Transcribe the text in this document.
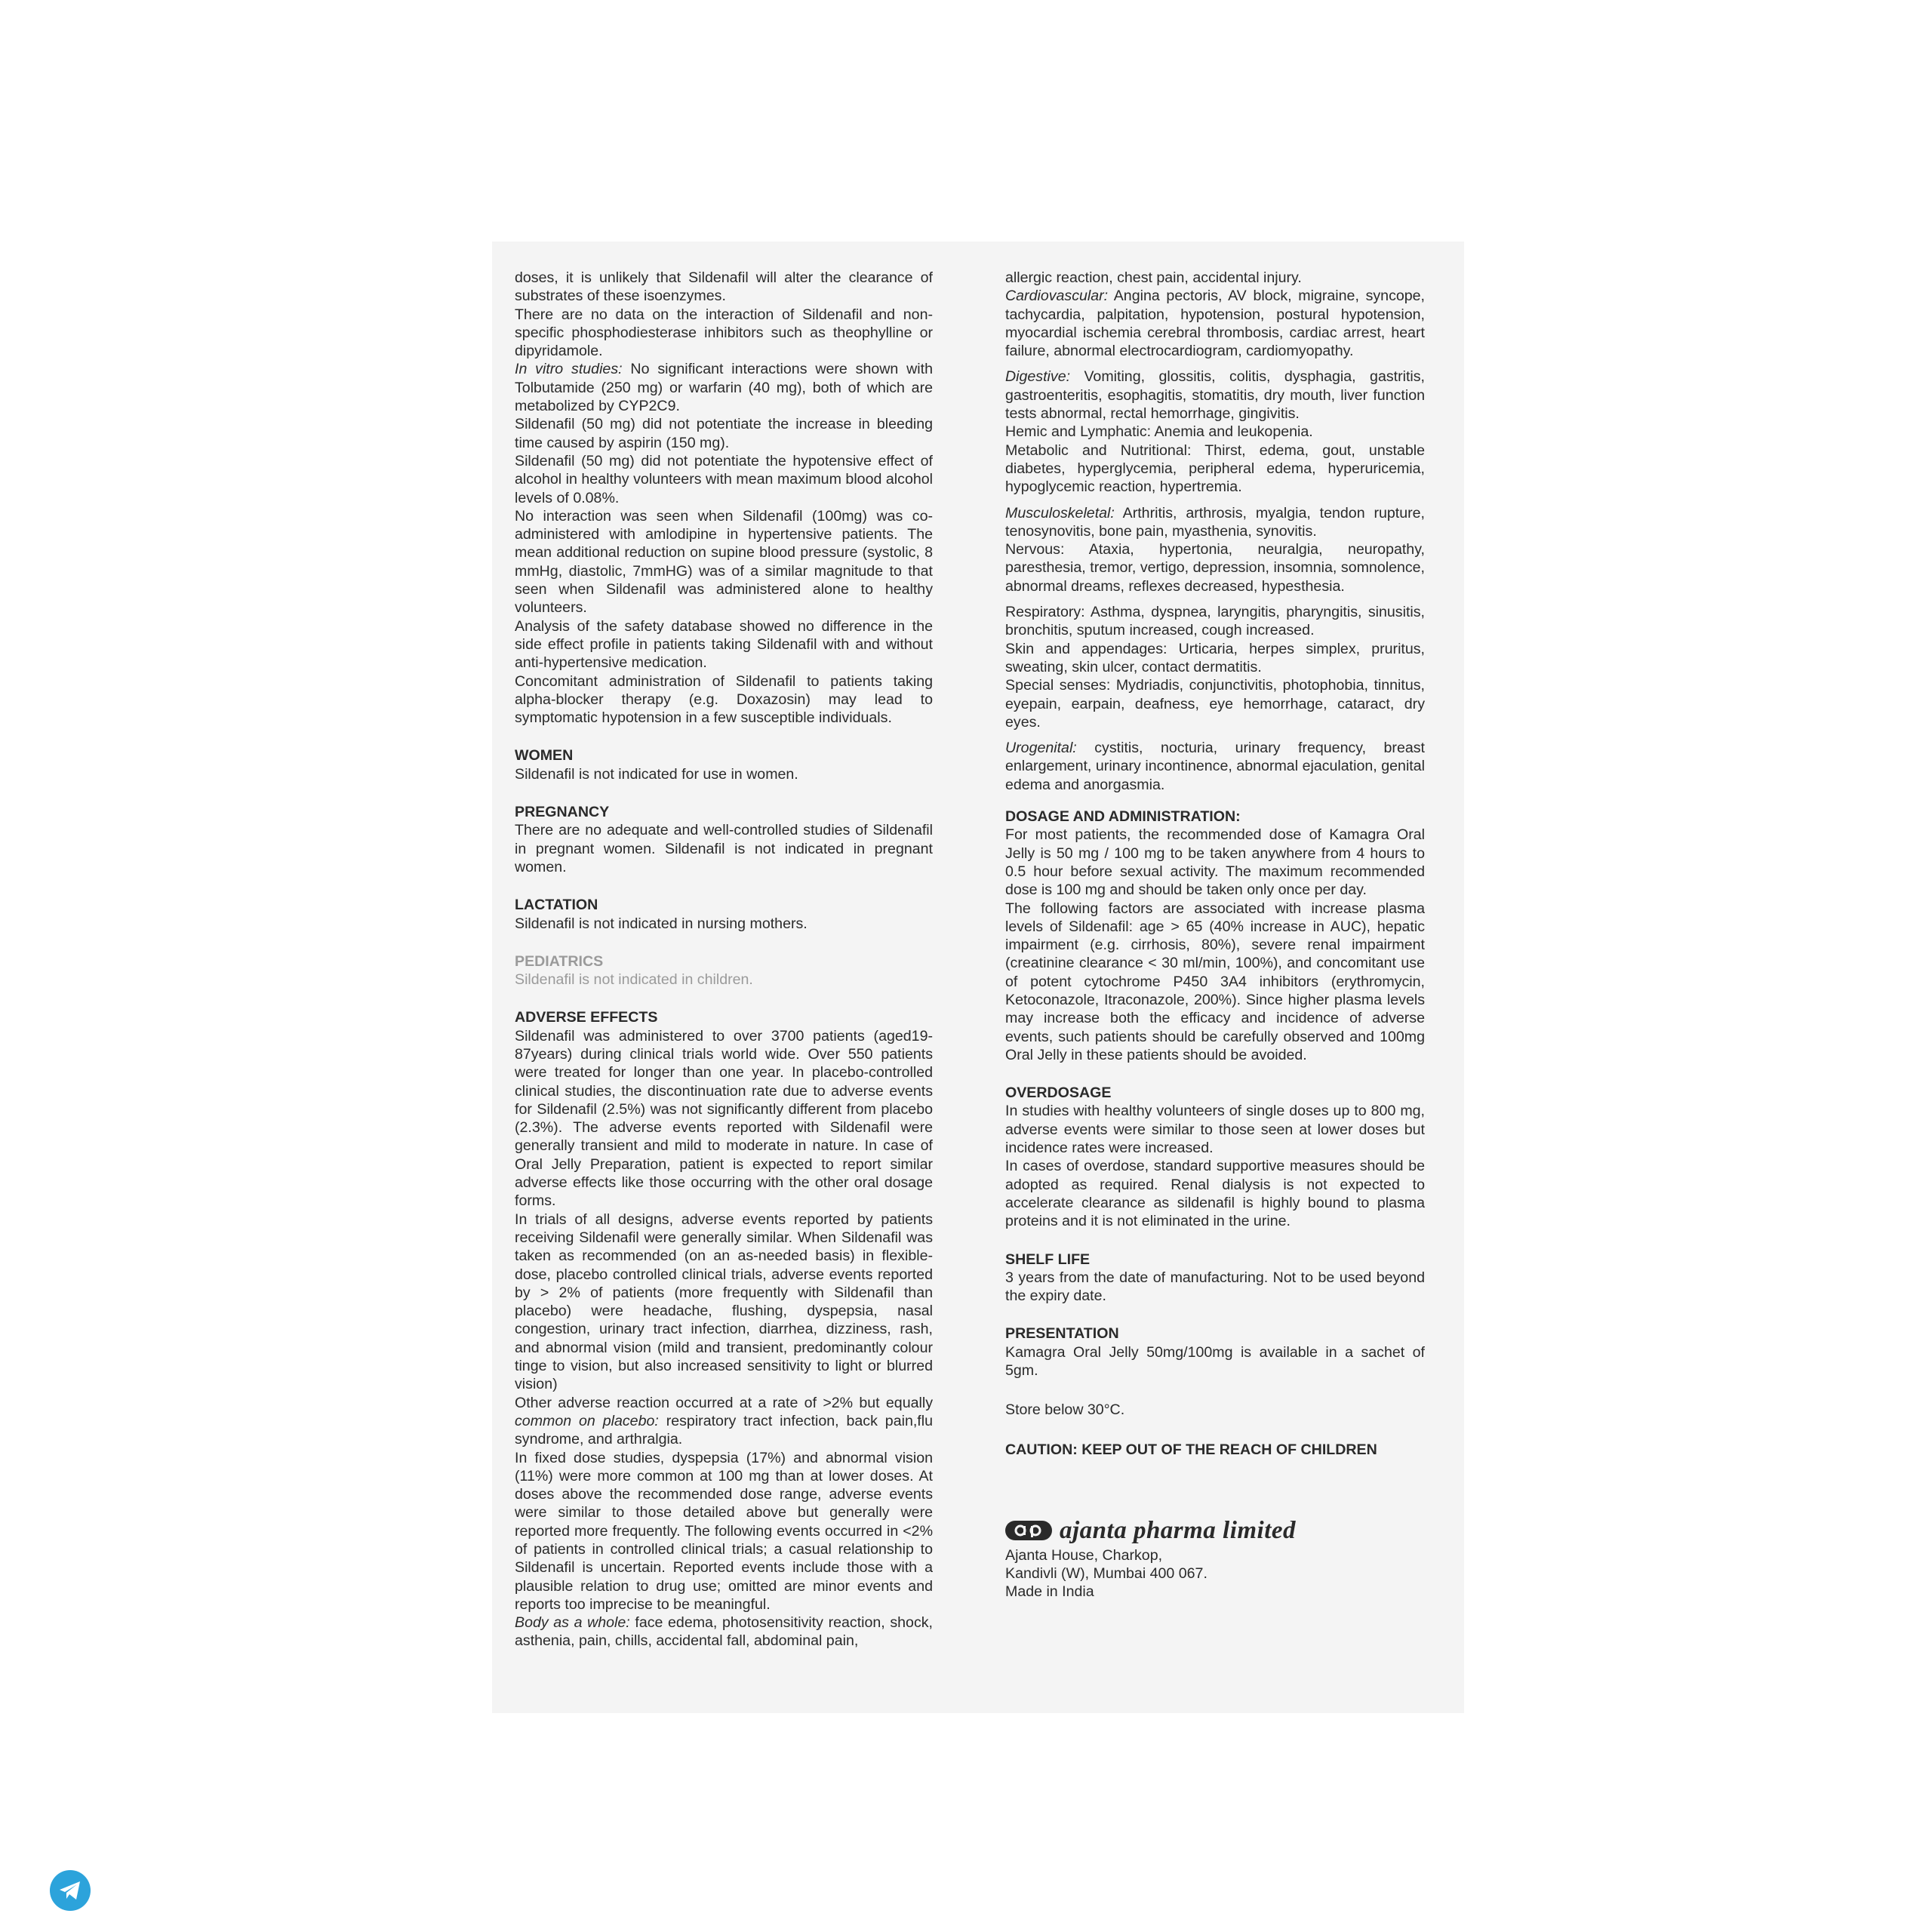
doses, it is unlikely that Sildenafil will alter the clearance of substrates of these isoenzymes.

There are no data on the interaction of Sildenafil and non-specific phosphodiesterase inhibitors such as theophylline or dipyridamole.

In vitro studies: No significant interactions were shown with Tolbutamide (250 mg) or warfarin (40 mg), both of which are metabolized by CYP2C9.

Sildenafil (50 mg) did not potentiate the increase in bleeding time caused by aspirin (150 mg).

Sildenafil (50 mg) did not potentiate the hypotensive effect of alcohol in healthy volunteers with mean maximum blood alcohol levels of 0.08%.

No interaction was seen when Sildenafil (100mg) was co-administered with amlodipine in hypertensive patients. The mean additional reduction on supine blood pressure (systolic, 8 mmHg, diastolic, 7mmHG) was of a similar magnitude to that seen when Sildenafil was administered alone to healthy volunteers.

Analysis of the safety database showed no difference in the side effect profile in patients taking Sildenafil with and without anti-hypertensive medication.

Concomitant administration of Sildenafil to patients taking alpha-blocker therapy (e.g. Doxazosin) may lead to symptomatic hypotension in a few susceptible individuals.

WOMEN

Sildenafil is not indicated for use in women.

PREGNANCY

There are no adequate and well-controlled studies of Sildenafil in pregnant women. Sildenafil is not indicated in pregnant women.

LACTATION

Sildenafil is not indicated in nursing mothers.

PEDIATRICS

Sildenafil is not indicated in children.

ADVERSE EFFECTS

Sildenafil was administered to over 3700 patients (aged19-87years) during clinical trials world wide. Over 550 patients were treated for longer than one year. In placebo-controlled clinical studies, the discontinuation rate due to adverse events for Sildenafil (2.5%) was not significantly different from placebo (2.3%). The adverse events reported with Sildenafil were generally transient and mild to moderate in nature. In case of Oral Jelly Preparation, patient is expected to report similar adverse effects like those occurring with the other oral dosage forms.

In trials of all designs, adverse events reported by patients receiving Sildenafil were generally similar. When Sildenafil was taken as recommended (on an as-needed basis) in flexible-dose, placebo controlled clinical trials, adverse events reported by > 2% of patients (more frequently with Sildenafil than placebo) were headache, flushing, dyspepsia, nasal congestion, urinary tract infection, diarrhea, dizziness, rash, and abnormal vision (mild and transient, predominantly colour tinge to vision, but also increased sensitivity to light or blurred vision)

Other adverse reaction occurred at a rate of >2% but equally common on placebo: respiratory tract infection, back pain,flu syndrome, and arthralgia.

In fixed dose studies, dyspepsia (17%) and abnormal vision (11%) were more common at 100 mg than at lower doses. At doses above the recommended dose range, adverse events were similar to those detailed above but generally were reported more frequently. The following events occurred in <2% of patients in controlled clinical trials; a casual relationship to Sildenafil is uncertain. Reported events include those with a plausible relation to drug use; omitted are minor events and reports too imprecise to be meaningful.

Body as a whole: face edema, photosensitivity reaction, shock, asthenia, pain, chills, accidental fall, abdominal pain,

allergic reaction, chest pain, accidental injury.

Cardiovascular: Angina pectoris, AV block, migraine, syncope, tachycardia, palpitation, hypotension, postural hypotension, myocardial ischemia cerebral thrombosis, cardiac arrest, heart failure, abnormal electrocardiogram, cardiomyopathy.

Digestive: Vomiting, glossitis, colitis, dysphagia, gastritis, gastroenteritis, esophagitis, stomatitis, dry mouth, liver function tests abnormal, rectal hemorrhage, gingivitis.

Hemic and Lymphatic: Anemia and leukopenia.

Metabolic and Nutritional: Thirst, edema, gout, unstable diabetes, hyperglycemia, peripheral edema, hyperuricemia, hypoglycemic reaction, hypertremia.

Musculoskeletal: Arthritis, arthrosis, myalgia, tendon rupture, tenosynovitis, bone pain, myasthenia, synovitis.

Nervous: Ataxia, hypertonia, neuralgia, neuropathy, paresthesia, tremor, vertigo, depression, insomnia, somnolence, abnormal dreams, reflexes decreased, hypesthesia.

Respiratory: Asthma, dyspnea, laryngitis, pharyngitis, sinusitis, bronchitis, sputum increased, cough increased.

Skin and appendages: Urticaria, herpes simplex, pruritus, sweating, skin ulcer, contact dermatitis.

Special senses: Mydriadis, conjunctivitis, photophobia, tinnitus, eyepain, earpain, deafness, eye hemorrhage, cataract, dry eyes.

Urogenital: cystitis, nocturia, urinary frequency, breast enlargement, urinary incontinence, abnormal ejaculation, genital edema and anorgasmia.

DOSAGE AND ADMINISTRATION:

For most patients, the recommended dose of Kamagra Oral Jelly is 50 mg / 100 mg to be taken anywhere from 4 hours to 0.5 hour before sexual activity. The maximum recommended dose is 100 mg and should be taken only once per day.

The following factors are associated with increase plasma levels of Sildenafil: age > 65 (40% increase in AUC), hepatic impairment (e.g. cirrhosis, 80%), severe renal impairment (creatinine clearance < 30 ml/min, 100%), and concomitant use of potent cytochrome P450 3A4 inhibitors (erythromycin, Ketoconazole, Itraconazole, 200%). Since higher plasma levels may increase both the efficacy and incidence of adverse events, such patients should be carefully observed and 100mg Oral Jelly in these patients should be avoided.

OVERDOSAGE

In studies with healthy volunteers of single doses up to 800 mg, adverse events were similar to those seen at lower doses but incidence rates were increased.

In cases of overdose, standard supportive measures should be adopted as required. Renal dialysis is not expected to accelerate clearance as sildenafil is highly bound to plasma proteins and it is not eliminated in the urine.

SHELF LIFE

3 years from the date of manufacturing. Not to be used beyond the expiry date.

PRESENTATION

Kamagra Oral Jelly 50mg/100mg is available in a sachet of 5gm.

Store below 30°C.

CAUTION: KEEP OUT OF THE REACH OF CHILDREN

ajanta pharma limited
Ajanta House, Charkop,
Kandivli (W), Mumbai 400 067.
Made in India
